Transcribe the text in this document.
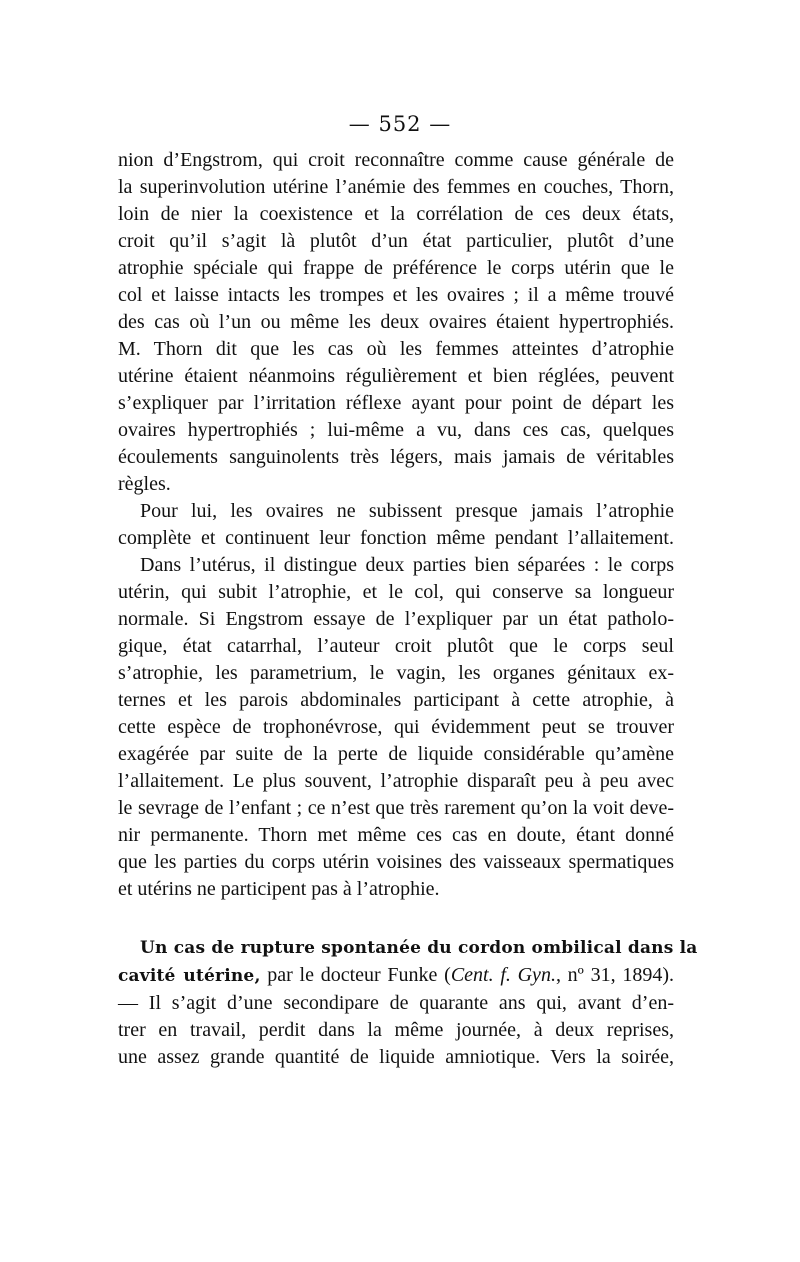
— 552 —
nion d’Engstrom, qui croit reconnaître comme cause générale de
la superinvolution utérine l’anémie des femmes en couches, Thorn,
loin de nier la coexistence et la corrélation de ces deux états,
croit qu’il s’agit là plutôt d’un état particulier, plutôt d’une
atrophie spéciale qui frappe de préférence le corps utérin que le
col et laisse intacts les trompes et les ovaires ; il a même trouvé
des cas où l’un ou même les deux ovaires étaient hypertrophiés.
M. Thorn dit que les cas où les femmes atteintes d’atrophie
utérine étaient néanmoins régulièrement et bien réglées, peuvent
s’expliquer par l’irritation réflexe ayant pour point de départ les
ovaires hypertrophiés ; lui-même a vu, dans ces cas, quelques
écoulements sanguinolents très légers, mais jamais de véritables
règles.
Pour lui, les ovaires ne subissent presque jamais l’atrophie
complète et continuent leur fonction même pendant l’allaitement.
Dans l’utérus, il distingue deux parties bien séparées : le corps
utérin, qui subit l’atrophie, et le col, qui conserve sa longueur
normale. Si Engstrom essaye de l’expliquer par un état patholo-
gique, état catarrhal, l’auteur croit plutôt que le corps seul
s’atrophie, les parametrium, le vagin, les organes génitaux ex-
ternes et les parois abdominales participant à cette atrophie, à
cette espèce de trophonévrose, qui évidemment peut se trouver
exagérée par suite de la perte de liquide considérable qu’amène
l’allaitement. Le plus souvent, l’atrophie disparaît peu à peu avec
le sevrage de l’enfant ; ce n’est que très rarement qu’on la voit deve-
nir permanente. Thorn met même ces cas en doute, étant donné
que les parties du corps utérin voisines des vaisseaux spermatiques
et utérins ne participent pas à l’atrophie.
Un cas de rupture spontanée du cordon ombilical dans la
cavité utérine, par le docteur Funke (Cent. f. Gyn., nº 31, 1894).
— Il s’agit d’une secondipare de quarante ans qui, avant d’en-
trer en travail, perdit dans la même journée, à deux reprises,
une assez grande quantité de liquide amniotique. Vers la soirée,
